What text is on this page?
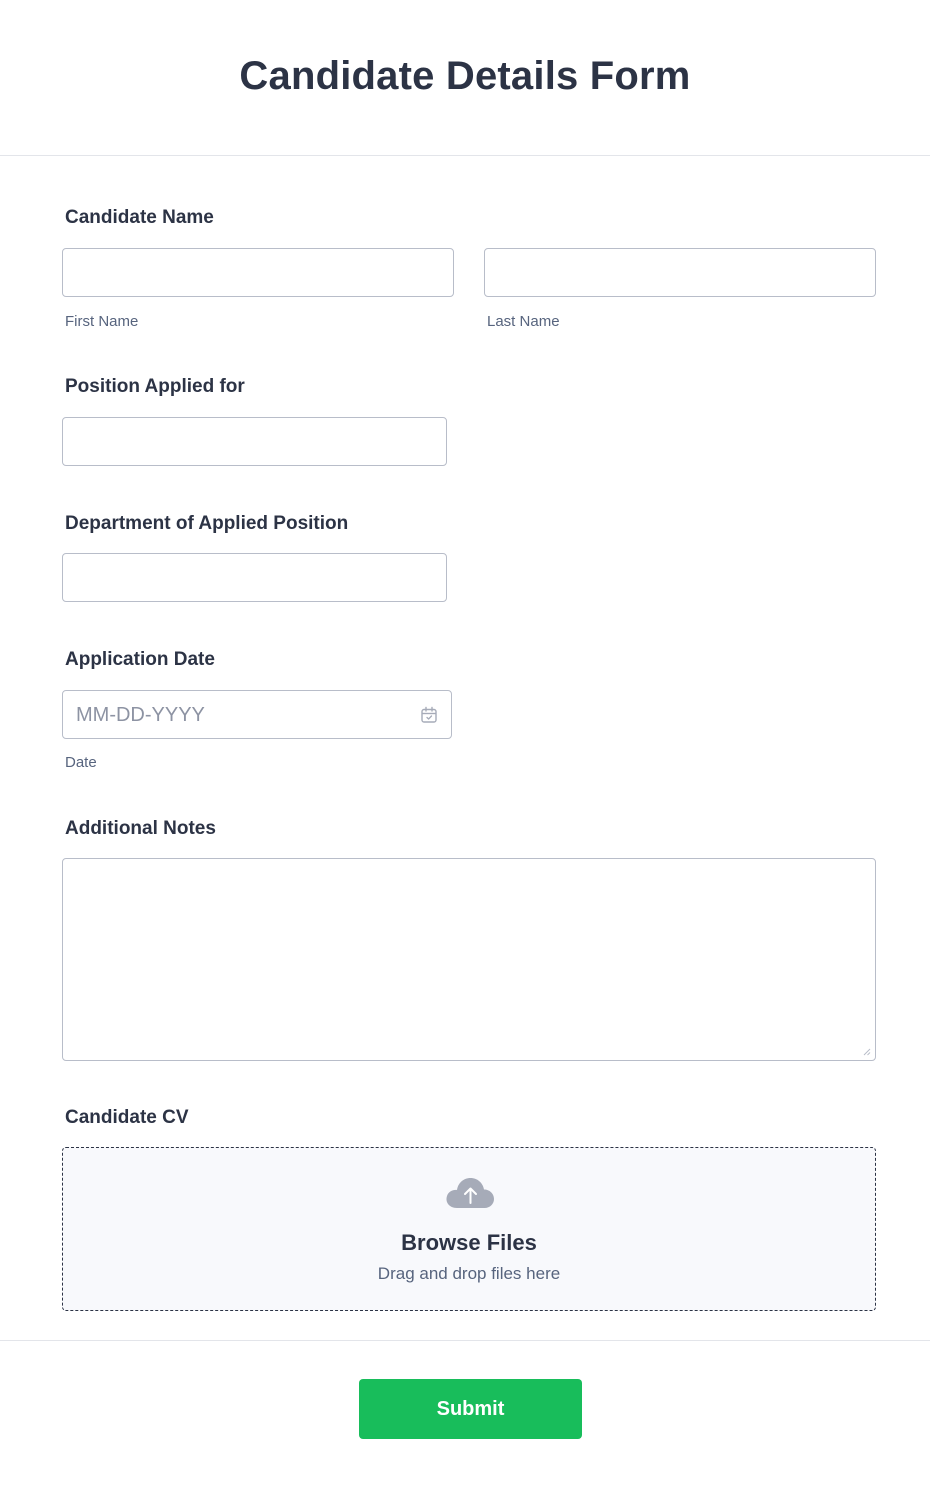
Candidate Details Form
Candidate Name
First Name	Last Name
Position Applied for
Department of Applied Position
Application Date
MM-DD-YYYY
Date
Additional Notes
Candidate CV
Browse Files
Drag and drop files here
Submit
